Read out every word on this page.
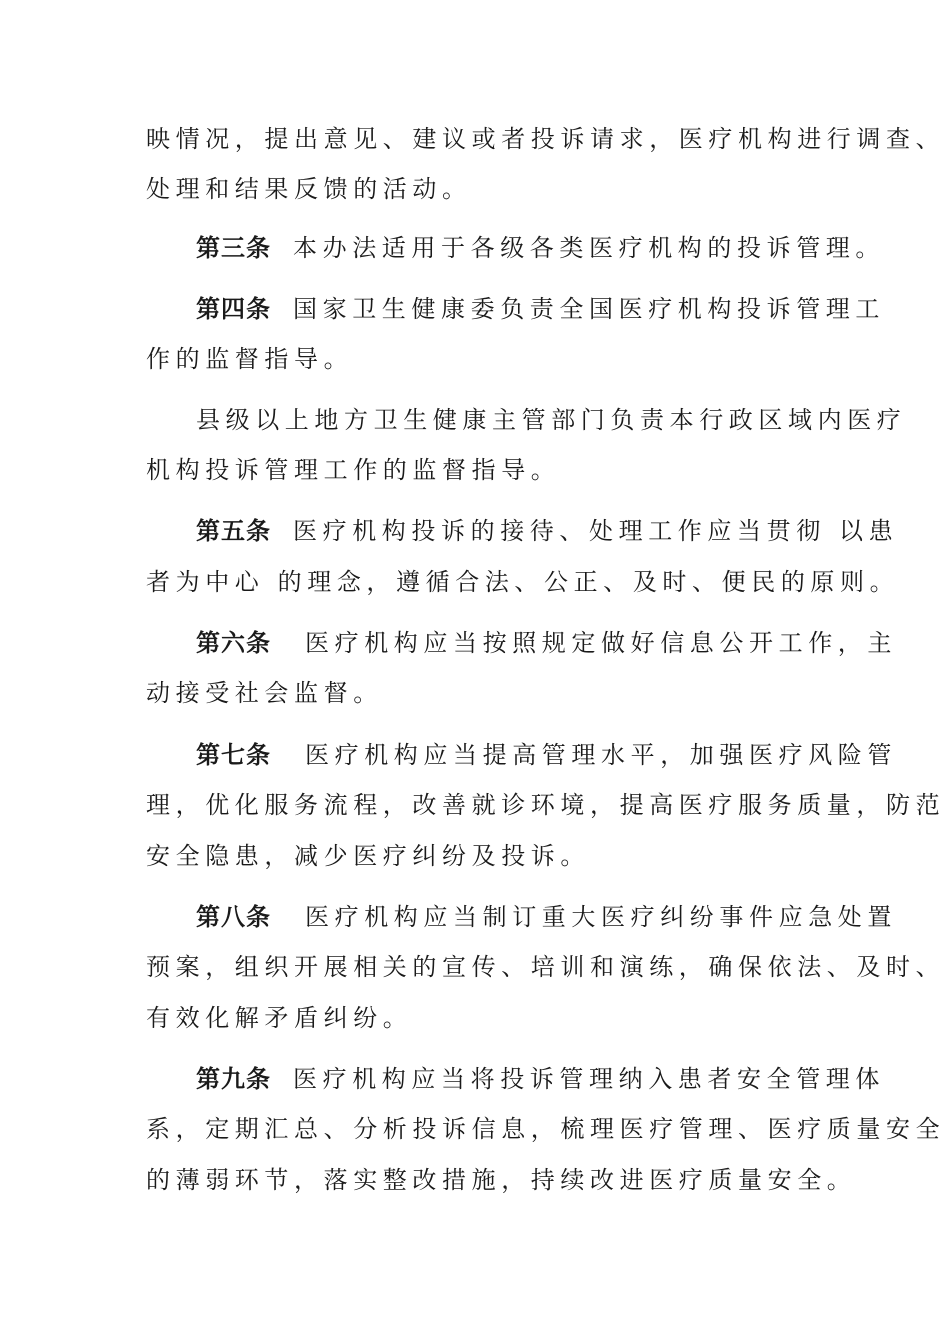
映情况，提出意见、建议或者投诉请求，医疗机构进行调查、
处理和结果反馈的活动。
第三条 本办法适用于各级各类医疗机构的投诉管理。
第四条 国家卫生健康委负责全国医疗机构投诉管理工
作的监督指导。
县级以上地方卫生健康主管部门负责本行政区域内医疗
机构投诉管理工作的监督指导。
第五条 医疗机构投诉的接待、处理工作应当贯彻 以患
者为中心 的理念，遵循合法、公正、及时、便民的原则。
第六条 医疗机构应当按照规定做好信息公开工作，主
动接受社会监督。
第七条 医疗机构应当提高管理水平，加强医疗风险管
理，优化服务流程，改善就诊环境，提高医疗服务质量，防范
安全隐患，减少医疗纠纷及投诉。
第八条 医疗机构应当制订重大医疗纠纷事件应急处置
预案，组织开展相关的宣传、培训和演练，确保依法、及时、
有效化解矛盾纠纷。
第九条 医疗机构应当将投诉管理纳入患者安全管理体
系，定期汇总、分析投诉信息，梳理医疗管理、医疗质量安全
的薄弱环节，落实整改措施，持续改进医疗质量安全。
